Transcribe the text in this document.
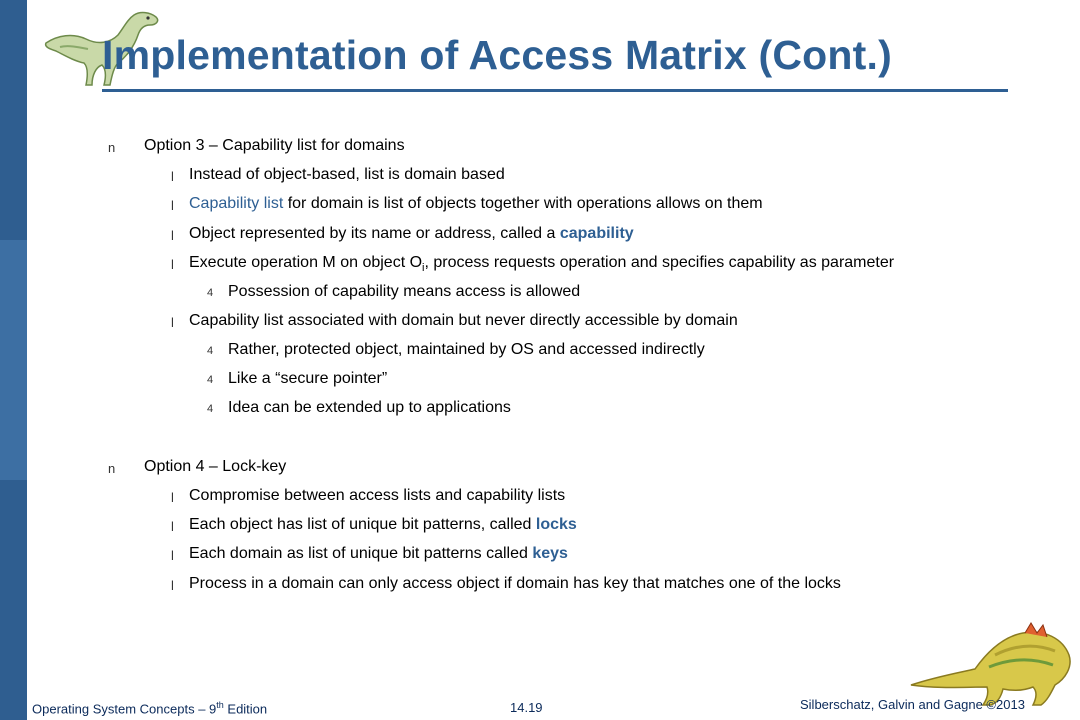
Implementation of Access Matrix (Cont.)
n Option 3 – Capability list for domains
l Instead of object-based, list is domain based
l Capability list for domain is list of objects together with operations allows on them
l Object represented by its name or address, called a capability
l Execute operation M on object $O_i$, process requests operation and specifies capability as parameter
4 Possession of capability means access is allowed
l Capability list associated with domain but never directly accessible by domain
4 Rather, protected object, maintained by OS and accessed indirectly
4 Like a “secure pointer”
4 Idea can be extended up to applications
n Option 4 – Lock-key
l Compromise between access lists and capability lists
l Each object has list of unique bit patterns, called locks
l Each domain as list of unique bit patterns called keys
l Process in a domain can only access object if domain has key that matches one of the locks
Operating System Concepts – 9th Edition	14.19	Silberschatz, Galvin and Gagne ©2013
